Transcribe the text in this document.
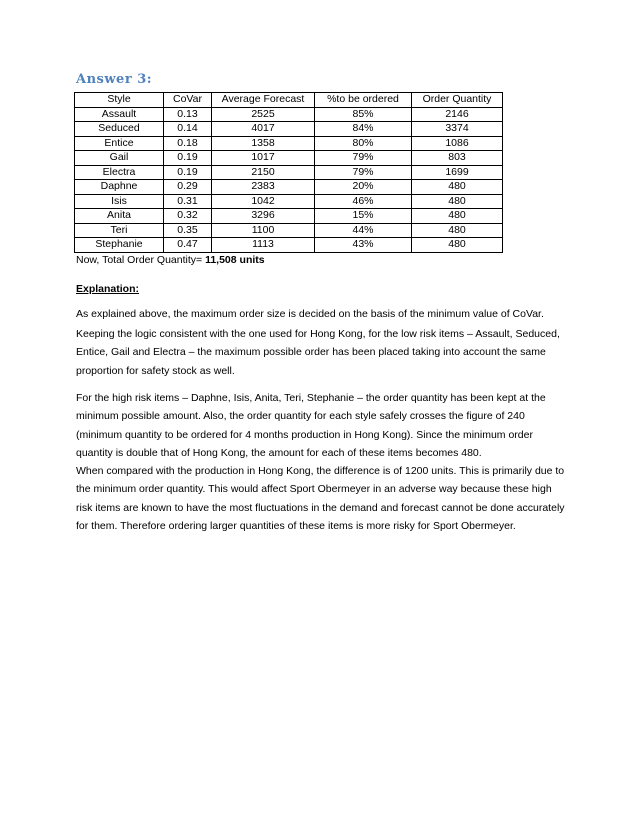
Answer 3:
Style	CoVar	Average Forecast	%to be ordered	Order Quantity
Assault	0.13	2525	85%	2146
Seduced	0.14	4017	84%	3374
Entice	0.18	1358	80%	1086
Gail	0.19	1017	79%	803
Electra	0.19	2150	79%	1699
Daphne	0.29	2383	20%	480
Isis	0.31	1042	46%	480
Anita	0.32	3296	15%	480
Teri	0.35	1100	44%	480
Stephanie	0.47	1113	43%	480
Now, Total Order Quantity= 11,508 units
Explanation:

As explained above, the maximum order size is decided on the basis of the minimum value of CoVar.

Keeping the logic consistent with the one used for Hong Kong, for the low risk items – Assault, Seduced, Entice, Gail and Electra – the maximum possible order has been placed taking into account the same proportion for safety stock as well.

For the high risk items – Daphne, Isis, Anita, Teri, Stephanie – the order quantity has been kept at the minimum possible amount. Also, the order quantity for each style safely crosses the figure of 240 (minimum quantity to be ordered for 4 months production in Hong Kong). Since the minimum order quantity is double that of Hong Kong, the amount for each of these items becomes 480.

When compared with the production in Hong Kong, the difference is of 1200 units. This is primarily due to the minimum order quantity. This would affect Sport Obermeyer in an adverse way because these high risk items are known to have the most fluctuations in the demand and forecast cannot be done accurately for them. Therefore ordering larger quantities of these items is more risky for Sport Obermeyer.
